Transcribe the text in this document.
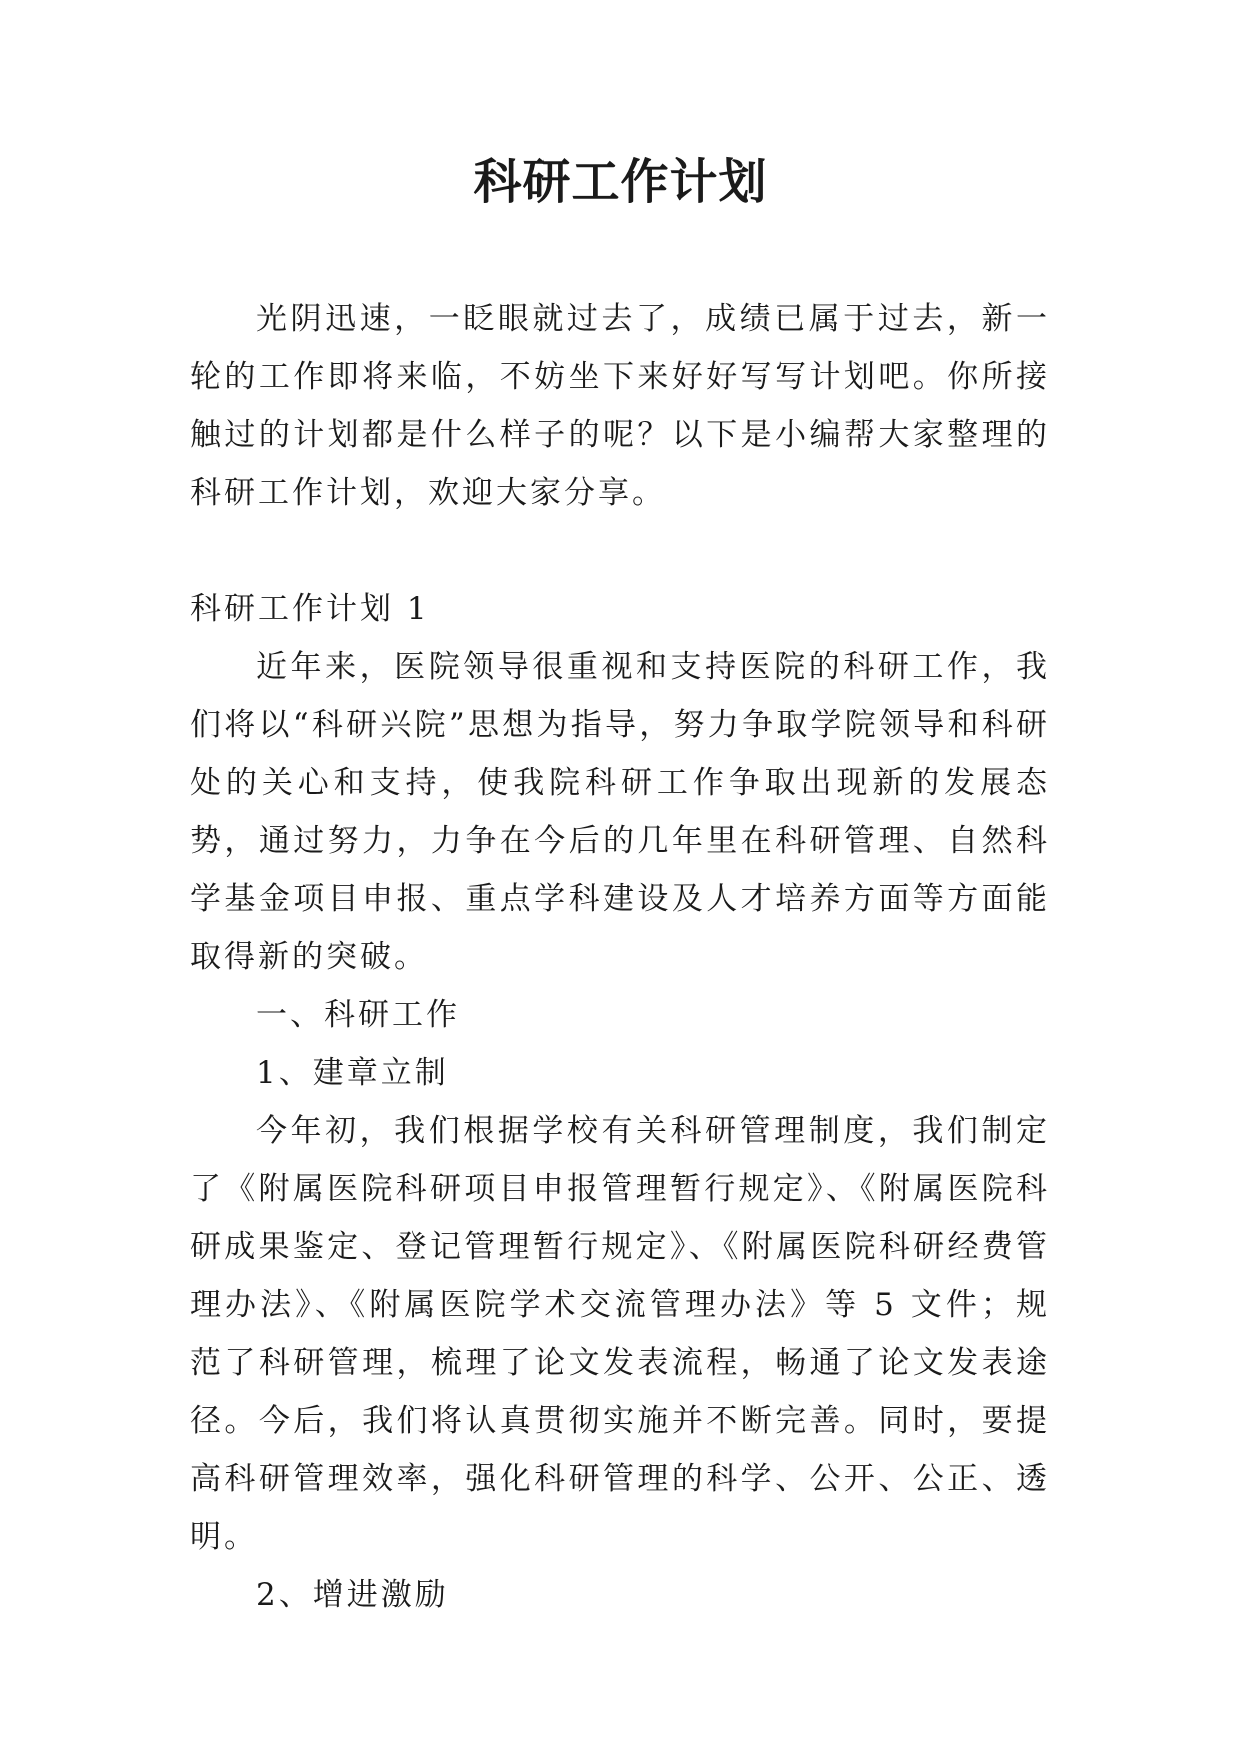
科研工作计划

光阴迅速，一眨眼就过去了，成绩已属于过去，新一轮的工作即将来临，不妨坐下来好好写写计划吧。你所接触过的计划都是什么样子的呢？以下是小编帮大家整理的科研工作计划，欢迎大家分享。

科研工作计划 1

近年来，医院领导很重视和支持医院的科研工作，我们将以“科研兴院”思想为指导，努力争取学院领导和科研处的关心和支持，使我院科研工作争取出现新的发展态势，通过努力，力争在今后的几年里在科研管理、自然科学基金项目申报、重点学科建设及人才培养方面等方面能取得新的突破。

一、科研工作

1、建章立制

今年初，我们根据学校有关科研管理制度，我们制定了《附属医院科研项目申报管理暂行规定》、《附属医院科研成果鉴定、登记管理暂行规定》、《附属医院科研经费管理办法》、《附属医院学术交流管理办法》等 5 文件；规范了科研管理，梳理了论文发表流程，畅通了论文发表途径。今后，我们将认真贯彻实施并不断完善。同时，要提高科研管理效率，强化科研管理的科学、公开、公正、透明。

2、增进激励
